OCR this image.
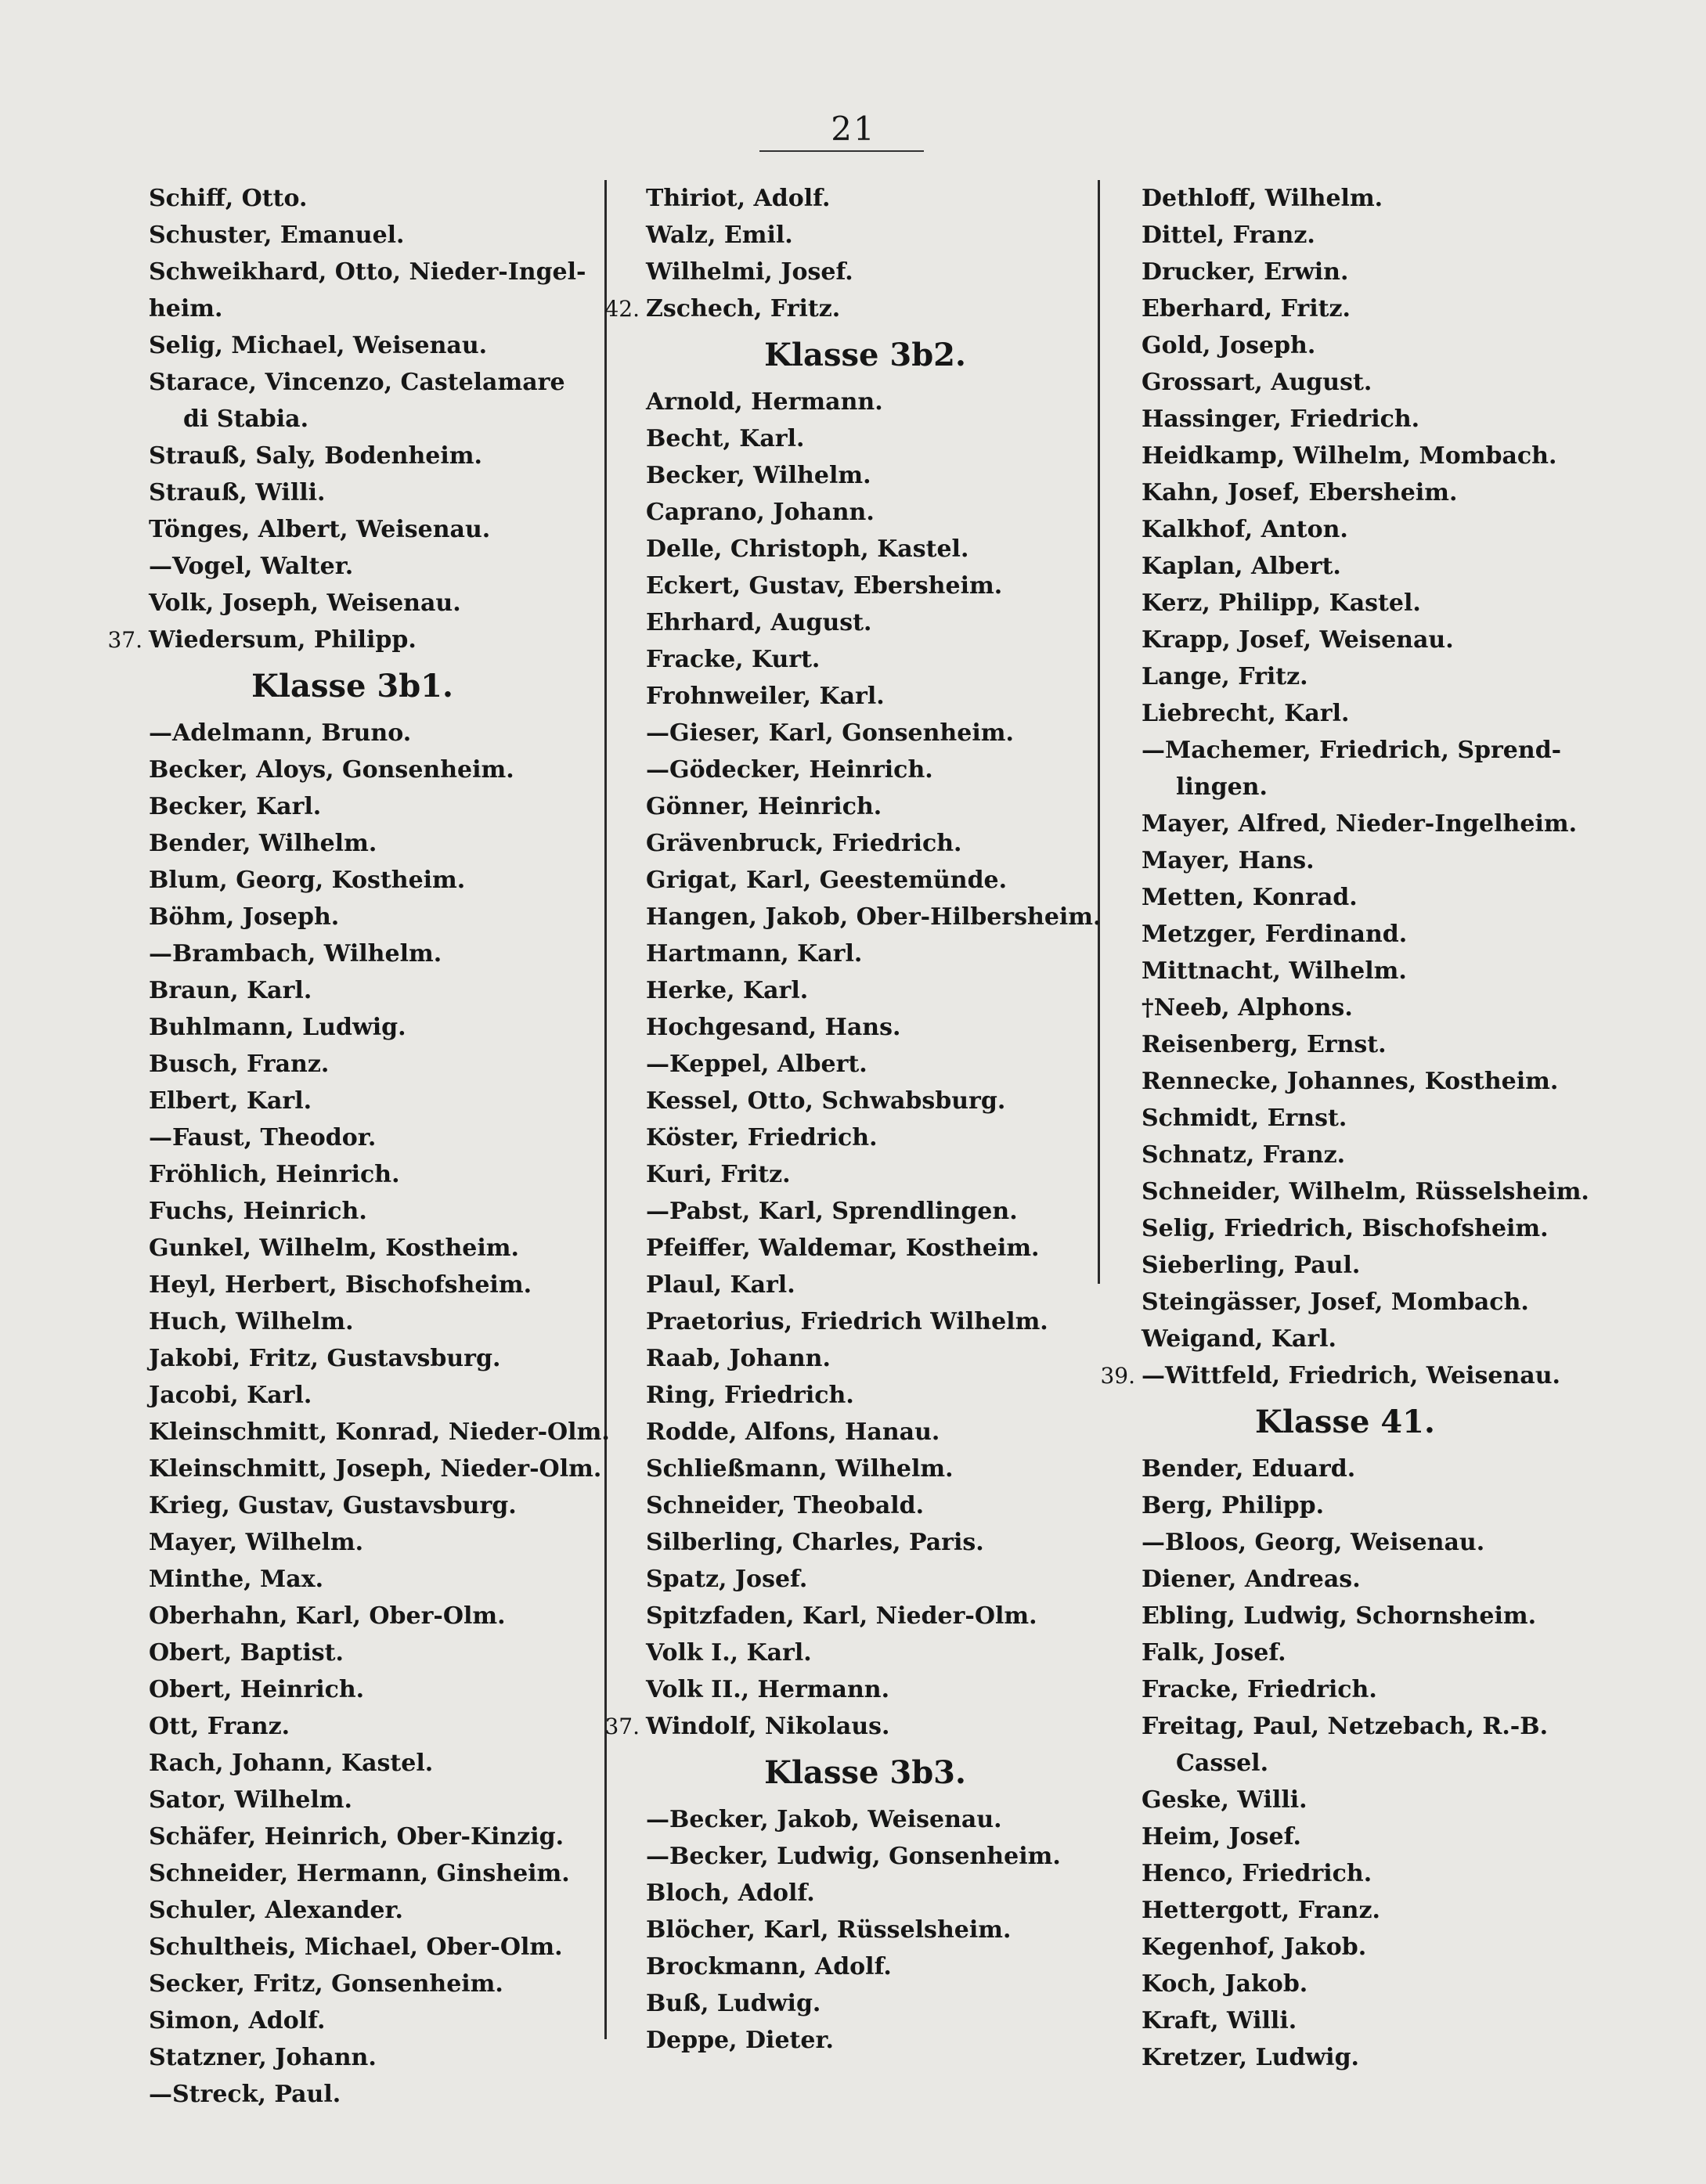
21
Schiff, Otto.
Schuster, Emanuel.
Schweikhard, Otto, Nieder-Ingel-
heim.
Selig, Michael, Weisenau.
Starace, Vincenzo, Castelamare
di Stabia.
Strauß, Saly, Bodenheim.
Strauß, Willi.
Tönges, Albert, Weisenau.
—Vogel, Walter.
Volk, Joseph, Weisenau.
37. Wiedersum, Philipp.
Klasse 3b1.
—Adelmann, Bruno.
Becker, Aloys, Gonsenheim.
Becker, Karl.
Bender, Wilhelm.
Blum, Georg, Kostheim.
Böhm, Joseph.
—Brambach, Wilhelm.
Braun, Karl.
Buhlmann, Ludwig.
Busch, Franz.
Elbert, Karl.
—Faust, Theodor.
Fröhlich, Heinrich.
Fuchs, Heinrich.
Gunkel, Wilhelm, Kostheim.
Heyl, Herbert, Bischofsheim.
Huch, Wilhelm.
Jakobi, Fritz, Gustavsburg.
Jacobi, Karl.
Kleinschmitt, Konrad, Nieder-Olm.
Kleinschmitt, Joseph, Nieder-Olm.
Krieg, Gustav, Gustavsburg.
Mayer, Wilhelm.
Minthe, Max.
Oberhahn, Karl, Ober-Olm.
Obert, Baptist.
Obert, Heinrich.
Ott, Franz.
Rach, Johann, Kastel.
Sator, Wilhelm.
Schäfer, Heinrich, Ober-Kinzig.
Schneider, Hermann, Ginsheim.
Schuler, Alexander.
Schultheis, Michael, Ober-Olm.
Secker, Fritz, Gonsenheim.
Simon, Adolf.
Statzner, Johann.
—Streck, Paul.
Thiriot, Adolf.
Walz, Emil.
Wilhelmi, Josef.
42. Zschech, Fritz.
Klasse 3b2.
Arnold, Hermann.
Becht, Karl.
Becker, Wilhelm.
Caprano, Johann.
Delle, Christoph, Kastel.
Eckert, Gustav, Ebersheim.
Ehrhard, August.
Fracke, Kurt.
Frohnweiler, Karl.
—Gieser, Karl, Gonsenheim.
—Gödecker, Heinrich.
Gönner, Heinrich.
Grävenbruck, Friedrich.
Grigat, Karl, Geestemünde.
Hangen, Jakob, Ober-Hilbersheim.
Hartmann, Karl.
Herke, Karl.
Hochgesand, Hans.
—Keppel, Albert.
Kessel, Otto, Schwabsburg.
Köster, Friedrich.
Kuri, Fritz.
—Pabst, Karl, Sprendlingen.
Pfeiffer, Waldemar, Kostheim.
Plaul, Karl.
Praetorius, Friedrich Wilhelm.
Raab, Johann.
Ring, Friedrich.
Rodde, Alfons, Hanau.
Schließmann, Wilhelm.
Schneider, Theobald.
Silberling, Charles, Paris.
Spatz, Josef.
Spitzfaden, Karl, Nieder-Olm.
Volk I., Karl.
Volk II., Hermann.
37. Windolf, Nikolaus.
Klasse 3b3.
—Becker, Jakob, Weisenau.
—Becker, Ludwig, Gonsenheim.
Bloch, Adolf.
Blöcher, Karl, Rüsselsheim.
Brockmann, Adolf.
Buß, Ludwig.
Deppe, Dieter.
Dethloff, Wilhelm.
Dittel, Franz.
Drucker, Erwin.
Eberhard, Fritz.
Gold, Joseph.
Grossart, August.
Hassinger, Friedrich.
Heidkamp, Wilhelm, Mombach.
Kahn, Josef, Ebersheim.
Kalkhof, Anton.
Kaplan, Albert.
Kerz, Philipp, Kastel.
Krapp, Josef, Weisenau.
Lange, Fritz.
Liebrecht, Karl.
—Machemer, Friedrich, Sprend-
lingen.
Mayer, Alfred, Nieder-Ingelheim.
Mayer, Hans.
Metten, Konrad.
Metzger, Ferdinand.
Mittnacht, Wilhelm.
†Neeb, Alphons.
Reisenberg, Ernst.
Rennecke, Johannes, Kostheim.
Schmidt, Ernst.
Schnatz, Franz.
Schneider, Wilhelm, Rüsselsheim.
Selig, Friedrich, Bischofsheim.
Sieberling, Paul.
Steingässer, Josef, Mombach.
Weigand, Karl.
39. —Wittfeld, Friedrich, Weisenau.
Klasse 41.
Bender, Eduard.
Berg, Philipp.
—Bloos, Georg, Weisenau.
Diener, Andreas.
Ebling, Ludwig, Schornsheim.
Falk, Josef.
Fracke, Friedrich.
Freitag, Paul, Netzebach, R.-B.
Cassel.
Geske, Willi.
Heim, Josef.
Henco, Friedrich.
Hettergott, Franz.
Kegenhof, Jakob.
Koch, Jakob.
Kraft, Willi.
Kretzer, Ludwig.
